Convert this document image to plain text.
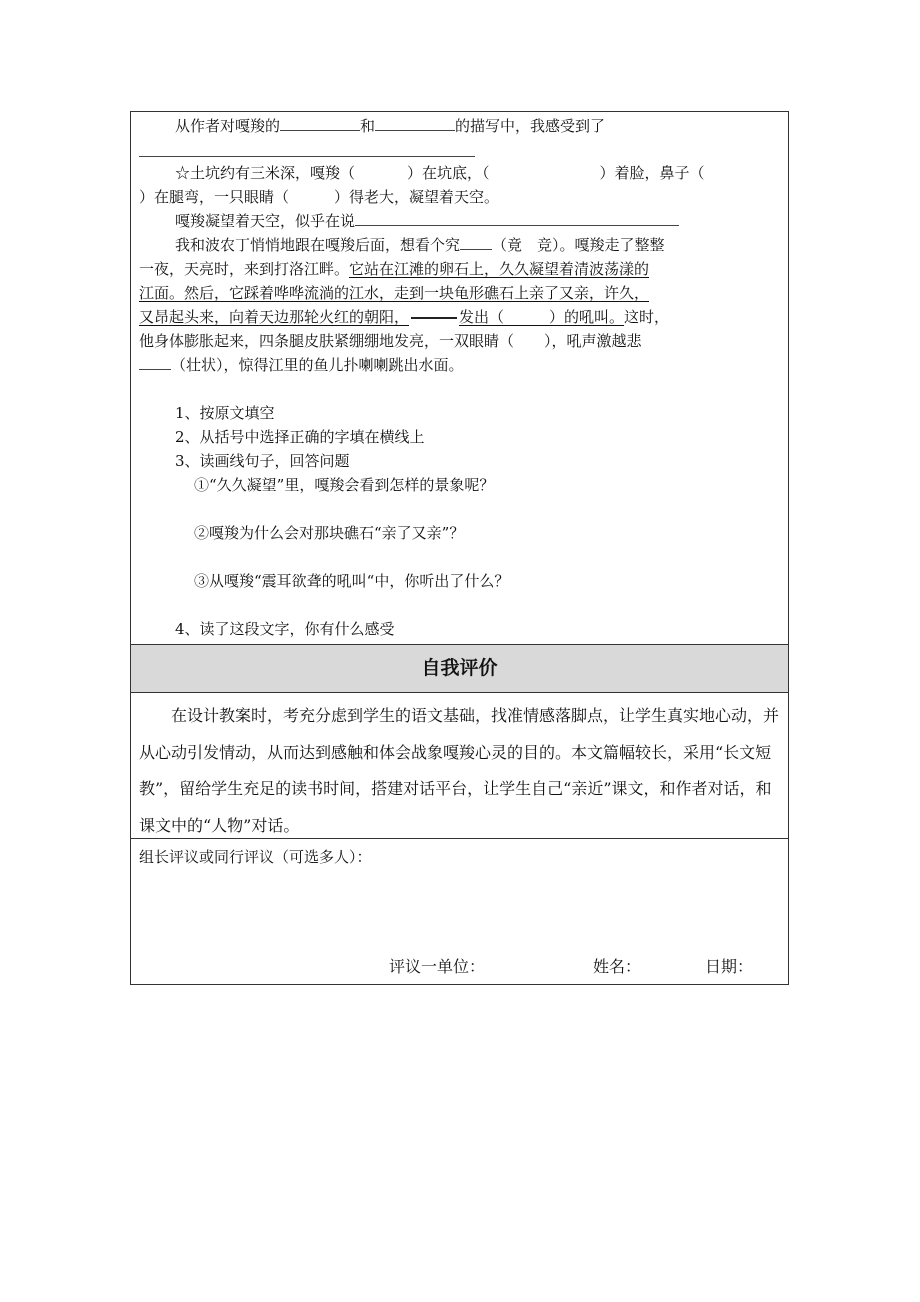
从作者对嘎羧的	和	的描写中，我感受到了
☆土坑约有三米深，嘎羧（	）在坑底，（	）着脸，鼻子（
）在腿弯，一只眼睛（　　　）得老大，凝望着天空。
嘎羧凝望着天空，似乎在说
我和波农丁悄悄地跟在嘎羧后面，想看个究 （竟　竞）。嘎羧走了整整
一夜，天亮时，来到打洛江畔。它站在江滩的卵石上，久久凝望着清波荡漾的
江面。然后，它踩着哗哗流淌的江水，走到一块龟形礁石上亲了又亲，许久，
又昂起头来，向着天边那轮火红的朝阳，	发出（　　　）的吼叫。这时，
他身体膨胀起来，四条腿皮肤紧绷绷地发亮，一双眼睛（　　），吼声激越悲
（壮状），惊得江里的鱼儿扑喇喇跳出水面。
1、按原文填空
2、从括号中选择正确的字填在横线上
3、读画线句子，回答问题
①“久久凝望”里，嘎羧会看到怎样的景象呢？
②嘎羧为什么会对那块礁石“亲了又亲”？
③从嘎羧“震耳欲聋的吼叫“中，你听出了什么？
4、读了这段文字，你有什么感受
自我评价
在设计教案时，考充分虑到学生的语文基础，找准情感落脚点，让学生真实地心动，并从心动引发情动，从而达到感触和体会战象嘎羧心灵的目的。本文篇幅较长，采用“长文短教”，留给学生充足的读书时间，搭建对话平台，让学生自己“亲近”课文，和作者对话，和课文中的“人物”对话。
组长评议或同行评议（可选多人）：
评议一单位：	姓名：	日期：
